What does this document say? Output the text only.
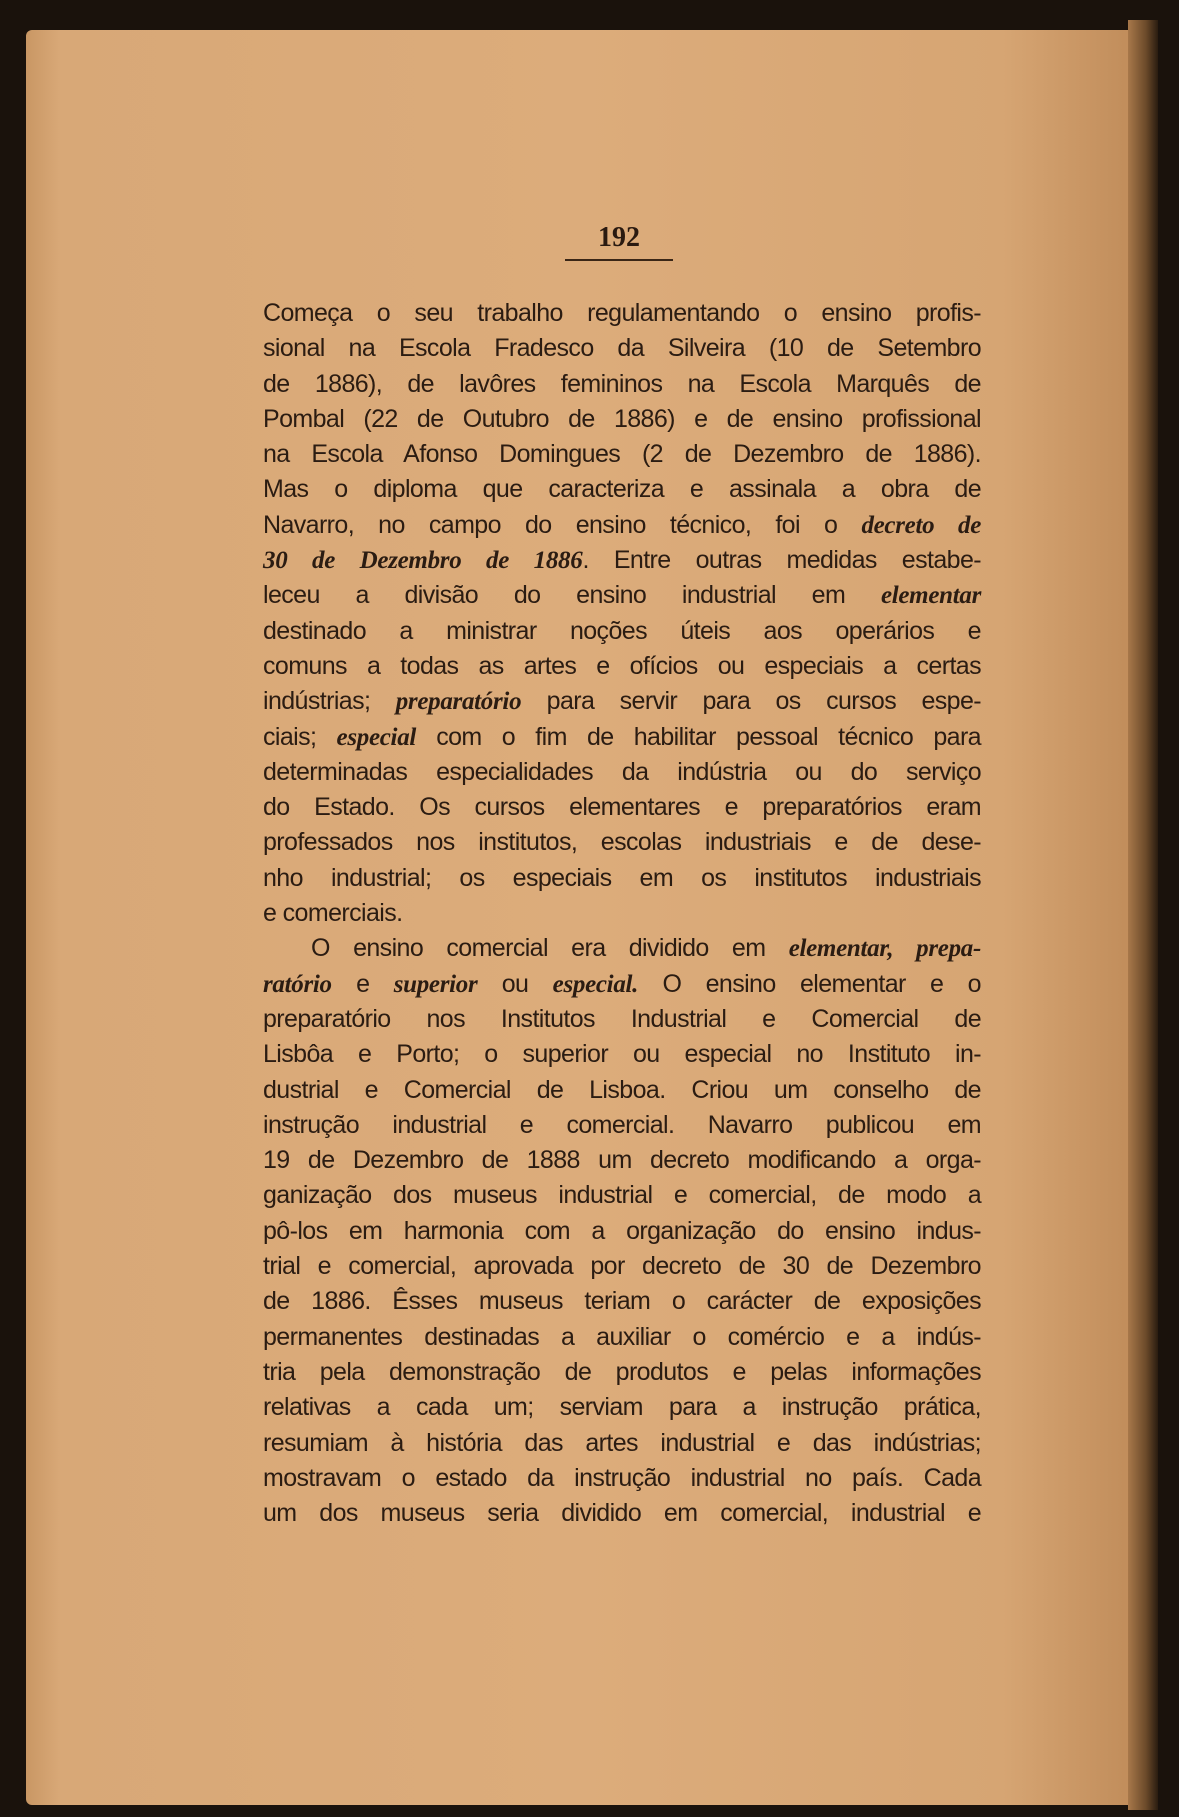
192
Começa o seu trabalho regulamentando o ensino profis-
sional na Escola Fradesco da Silveira (10 de Setembro
de 1886), de lavôres femininos na Escola Marquês de
Pombal (22 de Outubro de 1886) e de ensino profissional
na Escola Afonso Domingues (2 de Dezembro de 1886).
Mas o diploma que caracteriza e assinala a obra de
Navarro, no campo do ensino técnico, foi o decreto de
30 de Dezembro de 1886. Entre outras medidas estabe-
leceu a divisão do ensino industrial em elementar
destinado a ministrar noções úteis aos operários e
comuns a todas as artes e ofícios ou especiais a certas
indústrias; preparatório para servir para os cursos espe-
ciais; especial com o fim de habilitar pessoal técnico para
determinadas especialidades da indústria ou do serviço
do Estado. Os cursos elementares e preparatórios eram
professados nos institutos, escolas industriais e de dese-
nho industrial; os especiais em os institutos industriais
e comerciais.
O ensino comercial era dividido em elementar, prepa-
ratório e superior ou especial. O ensino elementar e o
preparatório nos Institutos Industrial e Comercial de
Lisbôa e Porto; o superior ou especial no Instituto in-
dustrial e Comercial de Lisboa. Criou um conselho de
instrução industrial e comercial. Navarro publicou em
19 de Dezembro de 1888 um decreto modificando a orga-
ganização dos museus industrial e comercial, de modo a
pô-los em harmonia com a organização do ensino indus-
trial e comercial, aprovada por decreto de 30 de Dezembro
de 1886. Êsses museus teriam o carácter de exposições
permanentes destinadas a auxiliar o comércio e a indús-
tria pela demonstração de produtos e pelas informações
relativas a cada um; serviam para a instrução prática,
resumiam à história das artes industrial e das indústrias;
mostravam o estado da instrução industrial no país. Cada
um dos museus seria dividido em comercial, industrial e
